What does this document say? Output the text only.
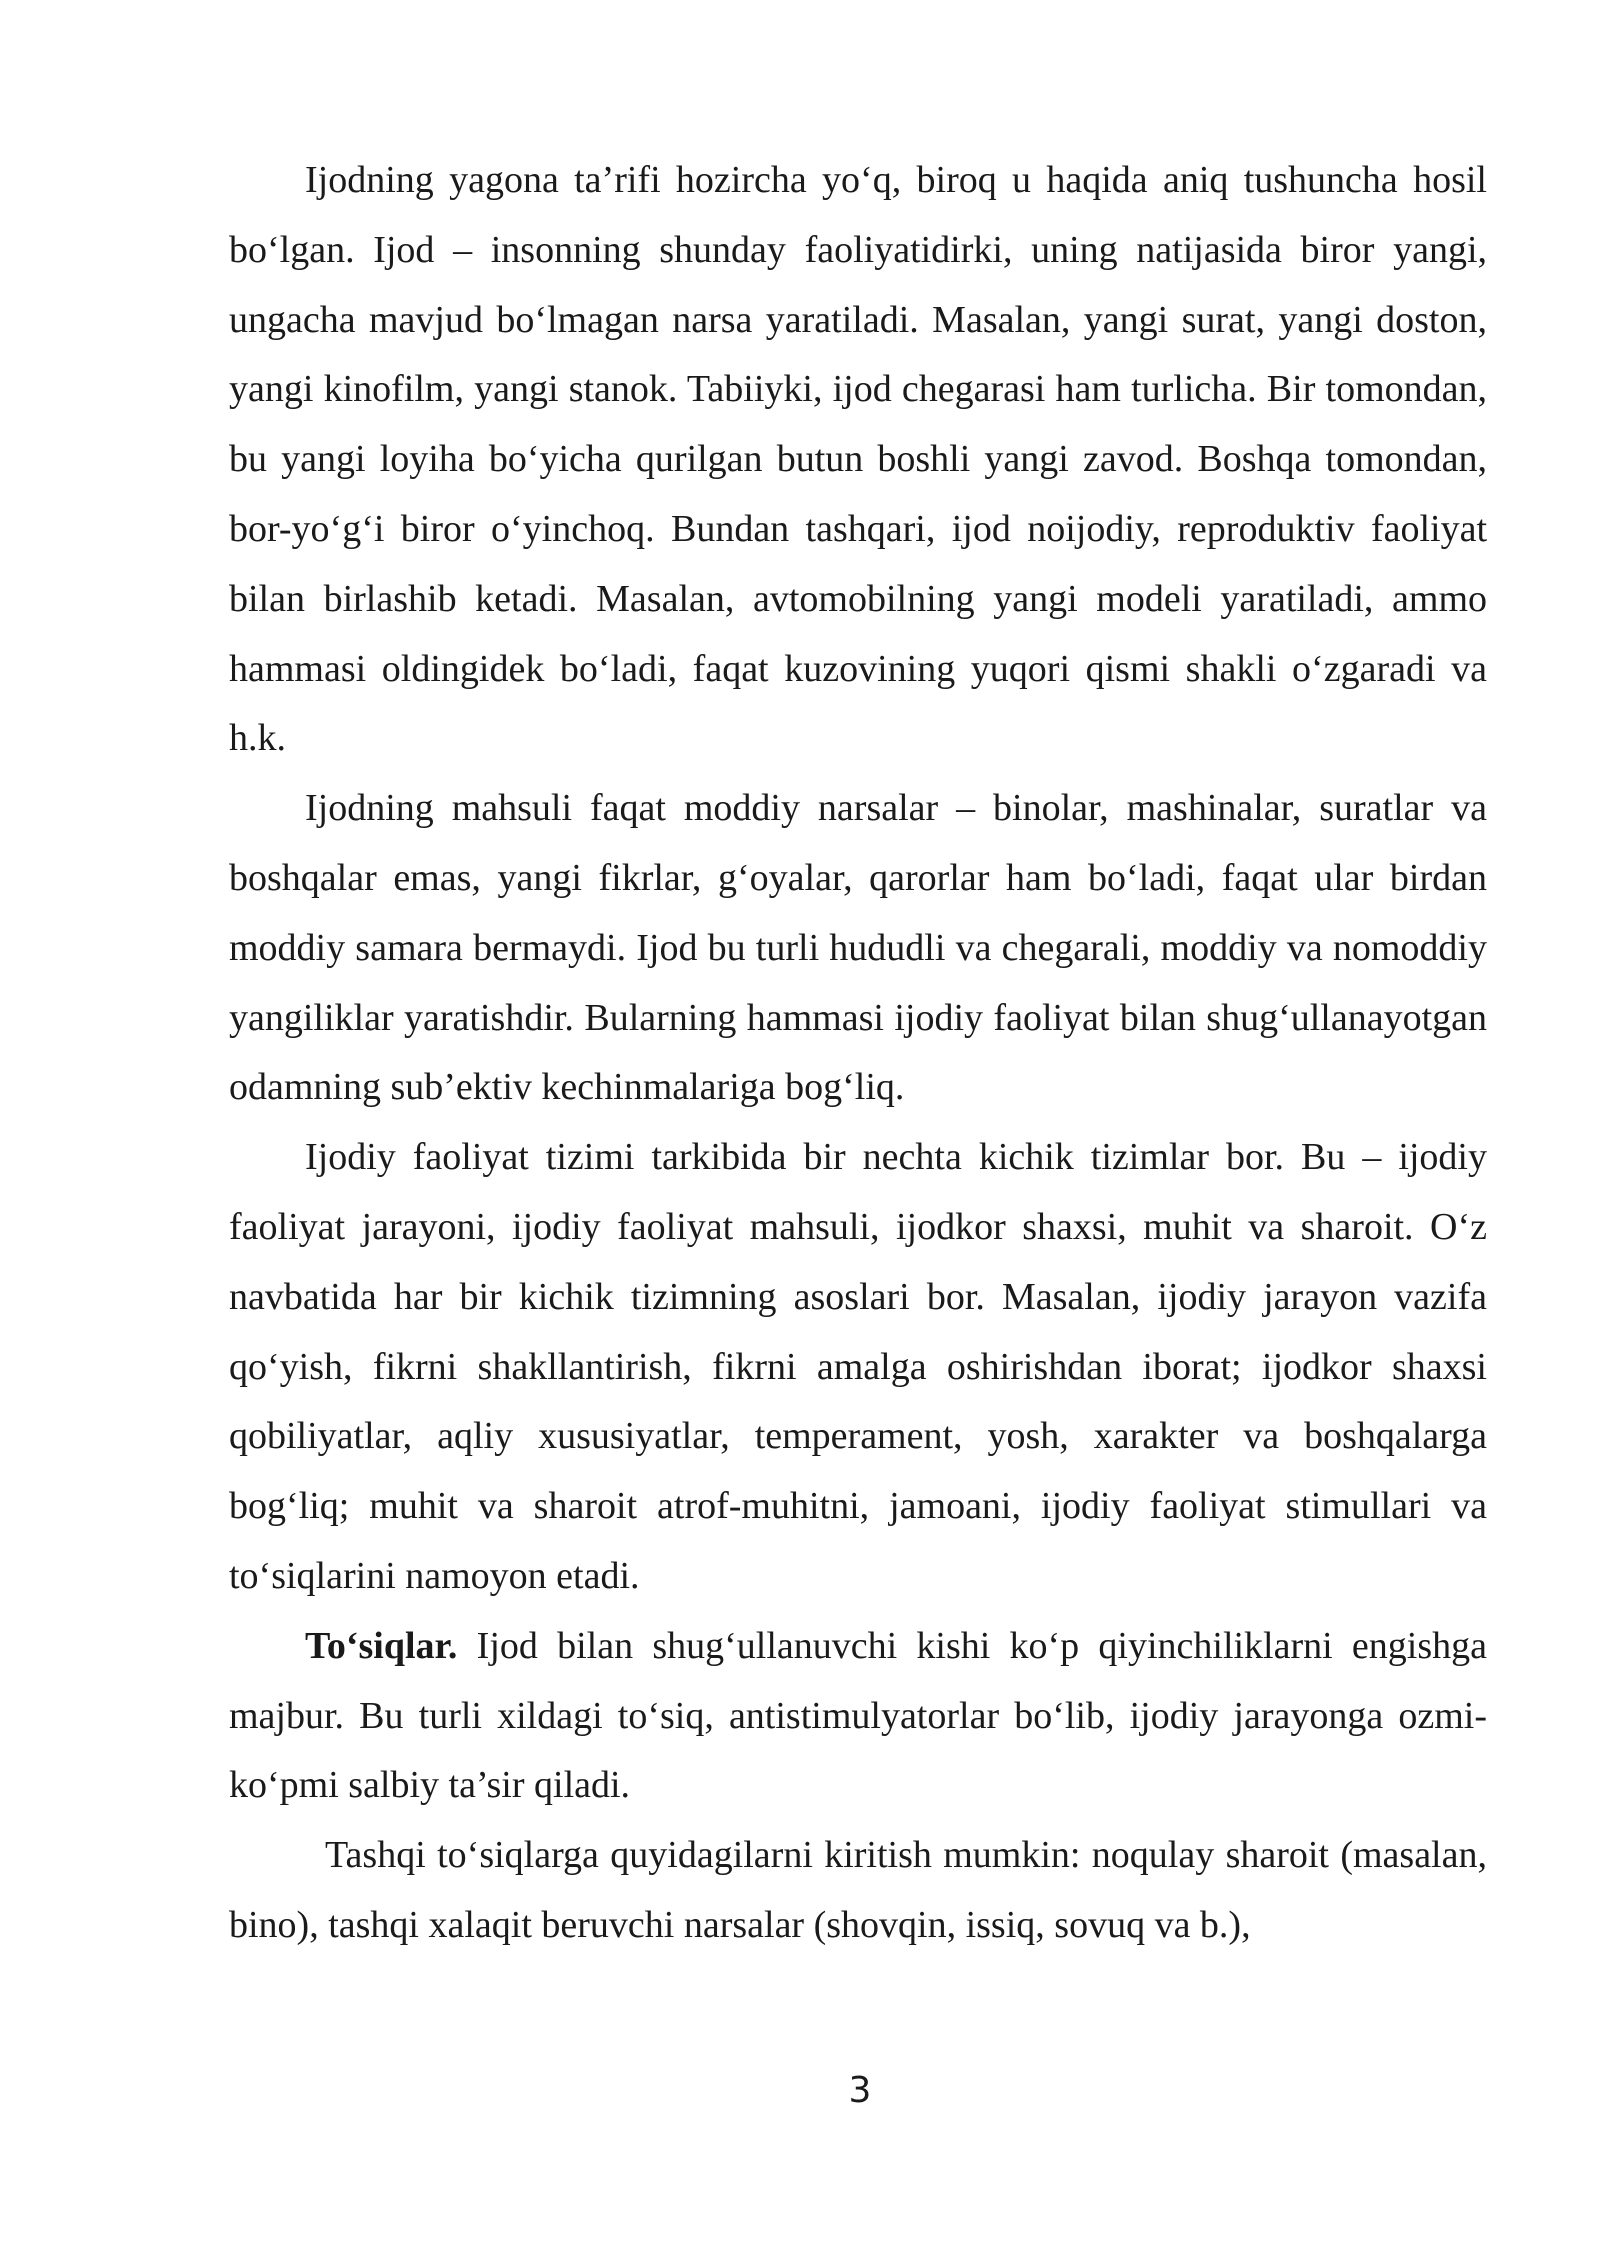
Ijodning yagona ta’rifi hozircha yo‘q, biroq u haqida aniq tushuncha hosil bo‘lgan. Ijod – insonning shunday faoliyatidirki, uning natijasida biror yangi, ungacha mavjud bo‘lmagan narsa yaratiladi. Masalan, yangi surat, yangi doston, yangi kinofilm, yangi stanok. Tabiiyki, ijod chegarasi ham turlicha. Bir tomondan, bu yangi loyiha bo‘yicha qurilgan butun boshli yangi zavod. Boshqa tomondan, bor-yo‘g‘i biror o‘yinchoq. Bundan tashqari, ijod noijodiy, reproduktiv faoliyat bilan birlashib ketadi. Masalan, avtomobilning yangi modeli yaratiladi, ammo hammasi oldingidek bo‘ladi, faqat kuzovining yuqori qismi shakli o‘zgaradi va h.k.

Ijodning mahsuli faqat moddiy narsalar – binolar, mashinalar, suratlar va boshqalar emas, yangi fikrlar, g‘oyalar, qarorlar ham bo‘ladi, faqat ular birdan moddiy samara bermaydi. Ijod bu turli hududli va chegarali, moddiy va nomoddiy yangiliklar yaratishdir. Bularning hammasi ijodiy faoliyat bilan shug‘ullanayotgan odamning sub’ektiv kechinmalariga bog‘liq.

Ijodiy faoliyat tizimi tarkibida bir nechta kichik tizimlar bor. Bu – ijodiy faoliyat jarayoni, ijodiy faoliyat mahsuli, ijodkor shaxsi, muhit va sharoit. O‘z navbatida har bir kichik tizimning asoslari bor. Masalan, ijodiy jarayon vazifa qo‘yish, fikrni shakllantirish, fikrni amalga oshirishdan iborat; ijodkor shaxsi qobiliyatlar, aqliy xususiyatlar, temperament, yosh, xarakter va boshqalarga bog‘liq; muhit va sharoit atrof-muhitni, jamoani, ijodiy faoliyat stimullari va to‘siqlarini namoyon etadi.

To‘siqlar. Ijod bilan shug‘ullanuvchi kishi ko‘p qiyinchiliklarni engishga majbur. Bu turli xildagi to‘siq, antistimulyatorlar bo‘lib, ijodiy jarayonga ozmi-ko‘pmi salbiy ta’sir qiladi.

Tashqi to‘siqlarga quyidagilarni kiritish mumkin: noqulay sharoit (masalan, bino), tashqi xalaqit beruvchi narsalar (shovqin, issiq, sovuq va b.),

3
